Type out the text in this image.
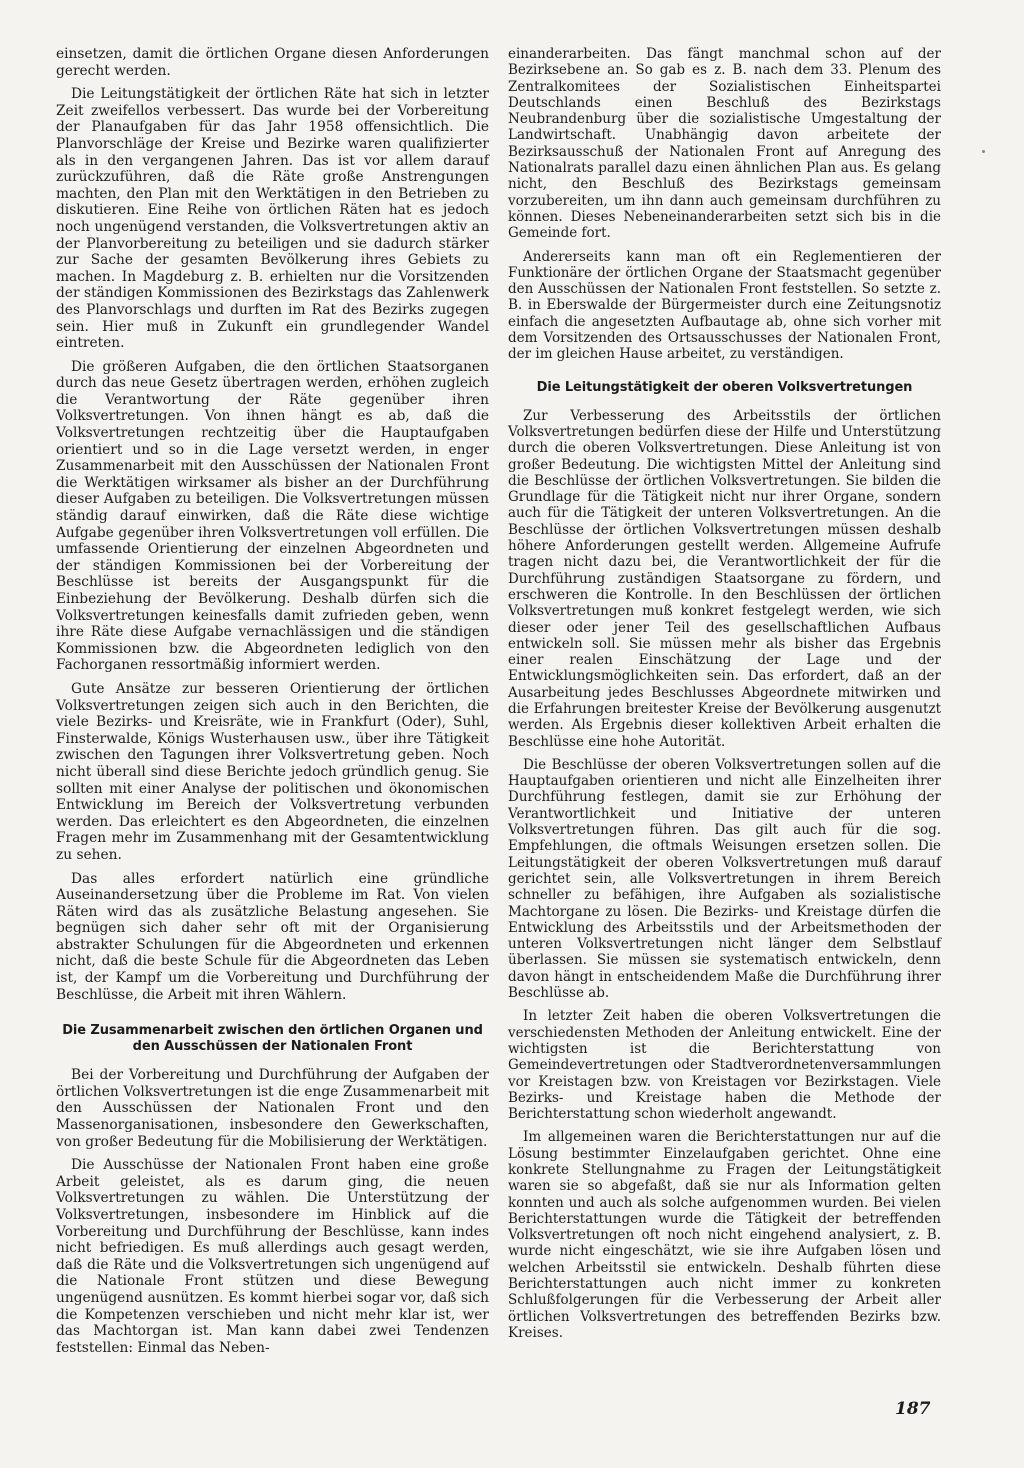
einsetzen, damit die örtlichen Organe diesen Anforderungen gerecht werden.

Die Leitungstätigkeit der örtlichen Räte hat sich in letzter Zeit zweifellos verbessert. Das wurde bei der Vorbereitung der Planaufgaben für das Jahr 1958 offensichtlich. Die Planvorschläge der Kreise und Bezirke waren qualifizierter als in den vergangenen Jahren. Das ist vor allem darauf zurückzuführen, daß die Räte große Anstrengungen machten, den Plan mit den Werktätigen in den Betrieben zu diskutieren. Eine Reihe von örtlichen Räten hat es jedoch noch ungenügend verstanden, die Volksvertretungen aktiv an der Planvorbereitung zu beteiligen und sie dadurch stärker zur Sache der gesamten Bevölkerung ihres Gebiets zu machen. In Magdeburg z. B. erhielten nur die Vorsitzenden der ständigen Kommissionen des Bezirkstags das Zahlenwerk des Planvorschlags und durften im Rat des Bezirks zugegen sein. Hier muß in Zukunft ein grundlegender Wandel eintreten.

Die größeren Aufgaben, die den örtlichen Staatsorganen durch das neue Gesetz übertragen werden, erhöhen zugleich die Verantwortung der Räte gegenüber ihren Volksvertretungen. Von ihnen hängt es ab, daß die Volksvertretungen rechtzeitig über die Hauptaufgaben orientiert und so in die Lage versetzt werden, in enger Zusammenarbeit mit den Ausschüssen der Nationalen Front die Werktätigen wirksamer als bisher an der Durchführung dieser Aufgaben zu beteiligen. Die Volksvertretungen müssen ständig darauf einwirken, daß die Räte diese wichtige Aufgabe gegenüber ihren Volksvertretungen voll erfüllen. Die umfassende Orientierung der einzelnen Abgeordneten und der ständigen Kommissionen bei der Vorbereitung der Beschlüsse ist bereits der Ausgangspunkt für die Einbeziehung der Bevölkerung. Deshalb dürfen sich die Volksvertretungen keinesfalls damit zufrieden geben, wenn ihre Räte diese Aufgabe vernachlässigen und die ständigen Kommissionen bzw. die Abgeordneten lediglich von den Fachorganen ressortmäßig informiert werden.

Gute Ansätze zur besseren Orientierung der örtlichen Volksvertretungen zeigen sich auch in den Berichten, die viele Bezirks- und Kreisräte, wie in Frankfurt (Oder), Suhl, Finsterwalde, Königs Wusterhausen usw., über ihre Tätigkeit zwischen den Tagungen ihrer Volksvertretung geben. Noch nicht überall sind diese Berichte jedoch gründlich genug. Sie sollten mit einer Analyse der politischen und ökonomischen Entwicklung im Bereich der Volksvertretung verbunden werden. Das erleichtert es den Abgeordneten, die einzelnen Fragen mehr im Zusammenhang mit der Gesamtentwicklung zu sehen.

Das alles erfordert natürlich eine gründliche Auseinandersetzung über die Probleme im Rat. Von vielen Räten wird das als zusätzliche Belastung angesehen. Sie begnügen sich daher sehr oft mit der Organisierung abstrakter Schulungen für die Abgeordneten und erkennen nicht, daß die beste Schule für die Abgeordneten das Leben ist, der Kampf um die Vorbereitung und Durchführung der Beschlüsse, die Arbeit mit ihren Wählern.

Die Zusammenarbeit zwischen den örtlichen Organen und den Ausschüssen der Nationalen Front

Bei der Vorbereitung und Durchführung der Aufgaben der örtlichen Volksvertretungen ist die enge Zusammenarbeit mit den Ausschüssen der Nationalen Front und den Massenorganisationen, insbesondere den Gewerkschaften, von großer Bedeutung für die Mobilisierung der Werktätigen.

Die Ausschüsse der Nationalen Front haben eine große Arbeit geleistet, als es darum ging, die neuen Volksvertretungen zu wählen. Die Unterstützung der Volksvertretungen, insbesondere im Hinblick auf die Vorbereitung und Durchführung der Beschlüsse, kann indes nicht befriedigen. Es muß allerdings auch gesagt werden, daß die Räte und die Volksvertretungen sich ungenügend auf die Nationale Front stützen und diese Bewegung ungenügend ausnützen. Es kommt hierbei sogar vor, daß sich die Kompetenzen verschieben und nicht mehr klar ist, wer das Machtorgan ist. Man kann dabei zwei Tendenzen feststellen: Einmal das Neben-

einanderarbeiten. Das fängt manchmal schon auf der Bezirksebene an. So gab es z. B. nach dem 33. Plenum des Zentralkomitees der Sozialistischen Einheitspartei Deutschlands einen Beschluß des Bezirkstags Neubrandenburg über die sozialistische Umgestaltung der Landwirtschaft. Unabhängig davon arbeitete der Bezirksausschuß der Nationalen Front auf Anregung des Nationalrats parallel dazu einen ähnlichen Plan aus. Es gelang nicht, den Beschluß des Bezirkstags gemeinsam vorzubereiten, um ihn dann auch gemeinsam durchführen zu können. Dieses Nebeneinanderarbeiten setzt sich bis in die Gemeinde fort.

Andererseits kann man oft ein Reglementieren der Funktionäre der örtlichen Organe der Staatsmacht gegenüber den Ausschüssen der Nationalen Front feststellen. So setzte z. B. in Eberswalde der Bürgermeister durch eine Zeitungsnotiz einfach die angesetzten Aufbautage ab, ohne sich vorher mit dem Vorsitzenden des Ortsausschusses der Nationalen Front, der im gleichen Hause arbeitet, zu verständigen.

Die Leitungstätigkeit der oberen Volksvertretungen

Zur Verbesserung des Arbeitsstils der örtlichen Volksvertretungen bedürfen diese der Hilfe und Unterstützung durch die oberen Volksvertretungen. Diese Anleitung ist von großer Bedeutung. Die wichtigsten Mittel der Anleitung sind die Beschlüsse der örtlichen Volksvertretungen. Sie bilden die Grundlage für die Tätigkeit nicht nur ihrer Organe, sondern auch für die Tätigkeit der unteren Volksvertretungen. An die Beschlüsse der örtlichen Volksvertretungen müssen deshalb höhere Anforderungen gestellt werden. Allgemeine Aufrufe tragen nicht dazu bei, die Verantwortlichkeit der für die Durchführung zuständigen Staatsorgane zu fördern, und erschweren die Kontrolle. In den Beschlüssen der örtlichen Volksvertretungen muß konkret festgelegt werden, wie sich dieser oder jener Teil des gesellschaftlichen Aufbaus entwickeln soll. Sie müssen mehr als bisher das Ergebnis einer realen Einschätzung der Lage und der Entwicklungsmöglichkeiten sein. Das erfordert, daß an der Ausarbeitung jedes Beschlusses Abgeordnete mitwirken und die Erfahrungen breitester Kreise der Bevölkerung ausgenutzt werden. Als Ergebnis dieser kollektiven Arbeit erhalten die Beschlüsse eine hohe Autorität.

Die Beschlüsse der oberen Volksvertretungen sollen auf die Hauptaufgaben orientieren und nicht alle Einzelheiten ihrer Durchführung festlegen, damit sie zur Erhöhung der Verantwortlichkeit und Initiative der unteren Volksvertretungen führen. Das gilt auch für die sog. Empfehlungen, die oftmals Weisungen ersetzen sollen. Die Leitungstätigkeit der oberen Volksvertretungen muß darauf gerichtet sein, alle Volksvertretungen in ihrem Bereich schneller zu befähigen, ihre Aufgaben als sozialistische Machtorgane zu lösen. Die Bezirks- und Kreistage dürfen die Entwicklung des Arbeitsstils und der Arbeitsmethoden der unteren Volksvertretungen nicht länger dem Selbstlauf überlassen. Sie müssen sie systematisch entwickeln, denn davon hängt in entscheidendem Maße die Durchführung ihrer Beschlüsse ab.

In letzter Zeit haben die oberen Volksvertretungen die verschiedensten Methoden der Anleitung entwickelt. Eine der wichtigsten ist die Berichterstattung von Gemeindevertretungen oder Stadtverordnetenversammlungen vor Kreistagen bzw. von Kreistagen vor Bezirkstagen. Viele Bezirks- und Kreistage haben die Methode der Berichterstattung schon wiederholt angewandt.

Im allgemeinen waren die Berichterstattungen nur auf die Lösung bestimmter Einzelaufgaben gerichtet. Ohne eine konkrete Stellungnahme zu Fragen der Leitungstätigkeit waren sie so abgefaßt, daß sie nur als Information gelten konnten und auch als solche aufgenommen wurden. Bei vielen Berichterstattungen wurde die Tätigkeit der betreffenden Volksvertretungen oft noch nicht eingehend analysiert, z. B. wurde nicht eingeschätzt, wie sie ihre Aufgaben lösen und welchen Arbeitsstil sie entwickeln. Deshalb führten diese Berichterstattungen auch nicht immer zu konkreten Schlußfolgerungen für die Verbesserung der Arbeit aller örtlichen Volksvertretungen des betreffenden Bezirks bzw. Kreises.

187
